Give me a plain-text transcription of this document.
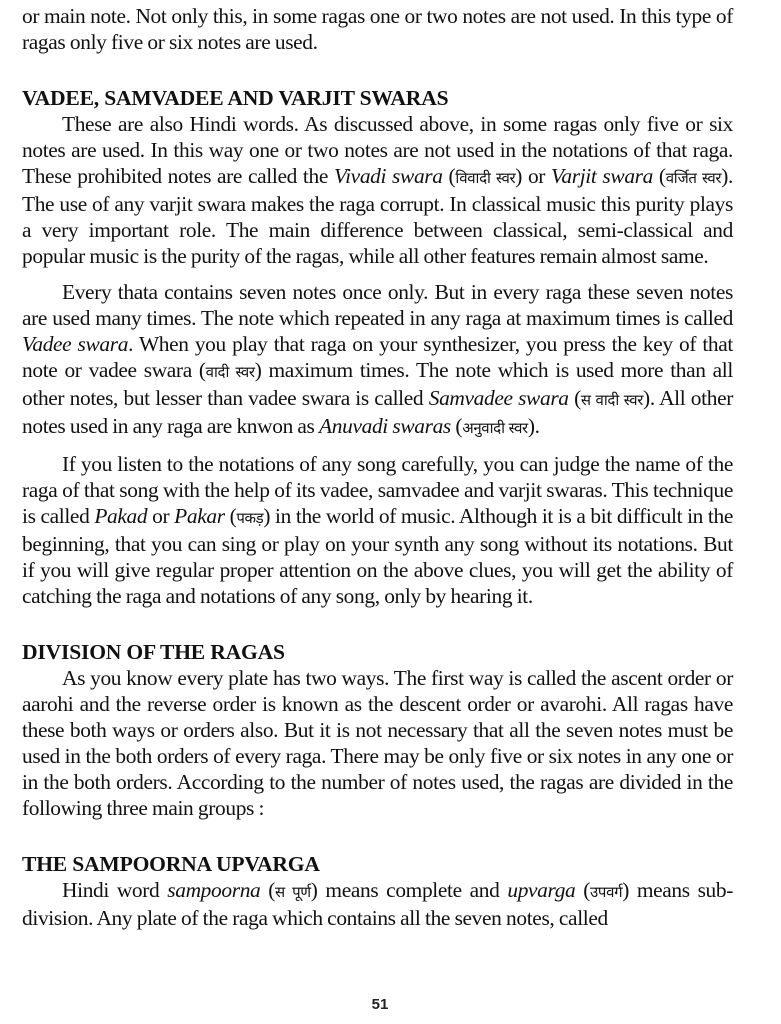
or main note. Not only this, in some ragas one or two notes are not used. In this type of ragas only five or six notes are used.

VADEE, SAMVADEE AND VARJIT SWARAS

These are also Hindi words. As discussed above, in some ragas only five or six notes are used. In this way one or two notes are not used in the notations of that raga. These prohibited notes are called the Vivadi swara (विवादी स्वर) or Varjit swara (वर्जित स्वर). The use of any varjit swara makes the raga corrupt. In classical music this purity plays a very important role. The main difference between classical, semi-classical and popular music is the purity of the ragas, while all other features remain almost same.

Every thata contains seven notes once only. But in every raga these seven notes are used many times. The note which repeated in any raga at maximum times is called Vadee swara. When you play that raga on your synthesizer, you press the key of that note or vadee swara (वादी स्वर) maximum times. The note which is used more than all other notes, but lesser than vadee swara is called Samvadee swara (स वादी स्वर). All other notes used in any raga are knwon as Anuvadi swaras (अनुवादी स्वर).

If you listen to the notations of any song carefully, you can judge the name of the raga of that song with the help of its vadee, samvadee and varjit swaras. This technique is called Pakad or Pakar (पकड़) in the world of music. Although it is a bit difficult in the beginning, that you can sing or play on your synth any song without its notations. But if you will give regular proper attention on the above clues, you will get the ability of catching the raga and notations of any song, only by hearing it.

DIVISION OF THE RAGAS

As you know every plate has two ways. The first way is called the ascent order or aarohi and the reverse order is known as the descent order or avarohi. All ragas have these both ways or orders also. But it is not necessary that all the seven notes must be used in the both orders of every raga. There may be only five or six notes in any one or in the both orders. According to the number of notes used, the ragas are divided in the following three main groups :

THE SAMPOORNA UPVARGA

Hindi word sampoorna (स पूर्ण) means complete and upvarga (उपवर्ग) means sub-division. Any plate of the raga which contains all the seven notes, called

51
